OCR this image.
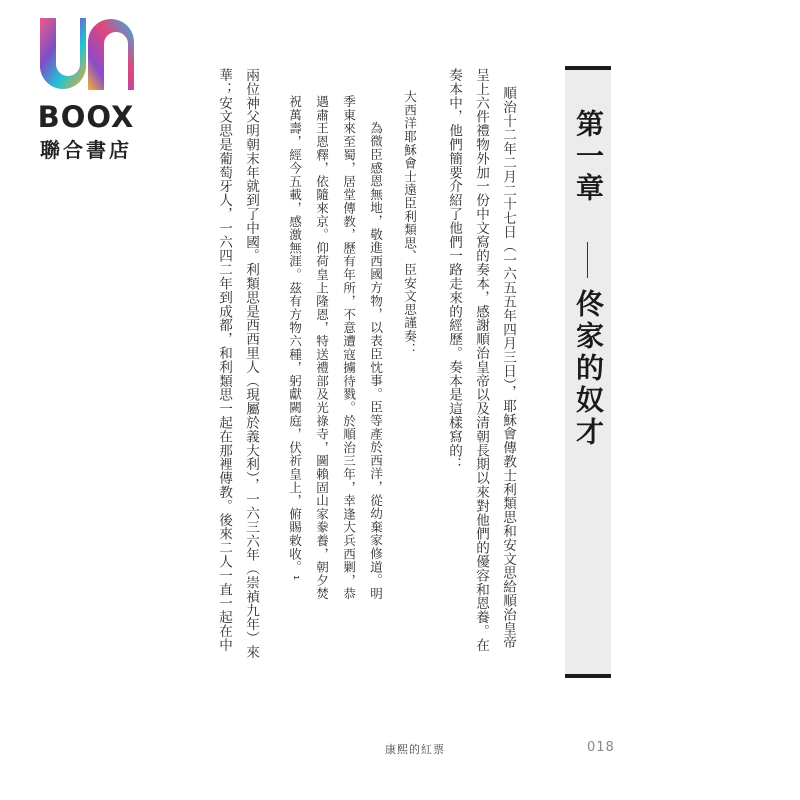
BOOX
聯合書店	第一章
佟家的奴才
順治十二年二月二十七日（一六五五年四月三日），耶穌會傳教士利類思和安文思給順治皇帝
呈上六件禮物外加一份中文寫的奏本，感謝順治皇帝以及清朝長期以來對他們的優容和恩養。在
奏本中，他們簡要介紹了他們一路走來的經歷。奏本是這樣寫的：
大西洋耶穌會士遠臣利類思、臣安文思謹奏：
　為微臣感恩無地，敬進西國方物，以表臣忱事。臣等產於西洋，從幼棄家修道。明
季東來至蜀，居堂傳教，歷有年所，不意遭寇擄待戮。於順治三年，幸逢大兵西剿，恭
遇肅王恩釋，依隨來京。仰荷皇上隆恩，特送禮部及光祿寺，圖賴固山家豢養，朝夕焚
祝萬壽，經今五載，感激無涯。茲有方物六種，躬獻闕庭，伏祈皇上，俯賜敕收。¹
兩位神父明朝末年就到了中國。利類思是西西里人（現屬於義大利），一六三六年（崇禎九年）來
華；安文思是葡萄牙人，一六四二年到成都，和利類思一起在那裡傳教。後來二人一直一起在中
康熙的紅票	018
